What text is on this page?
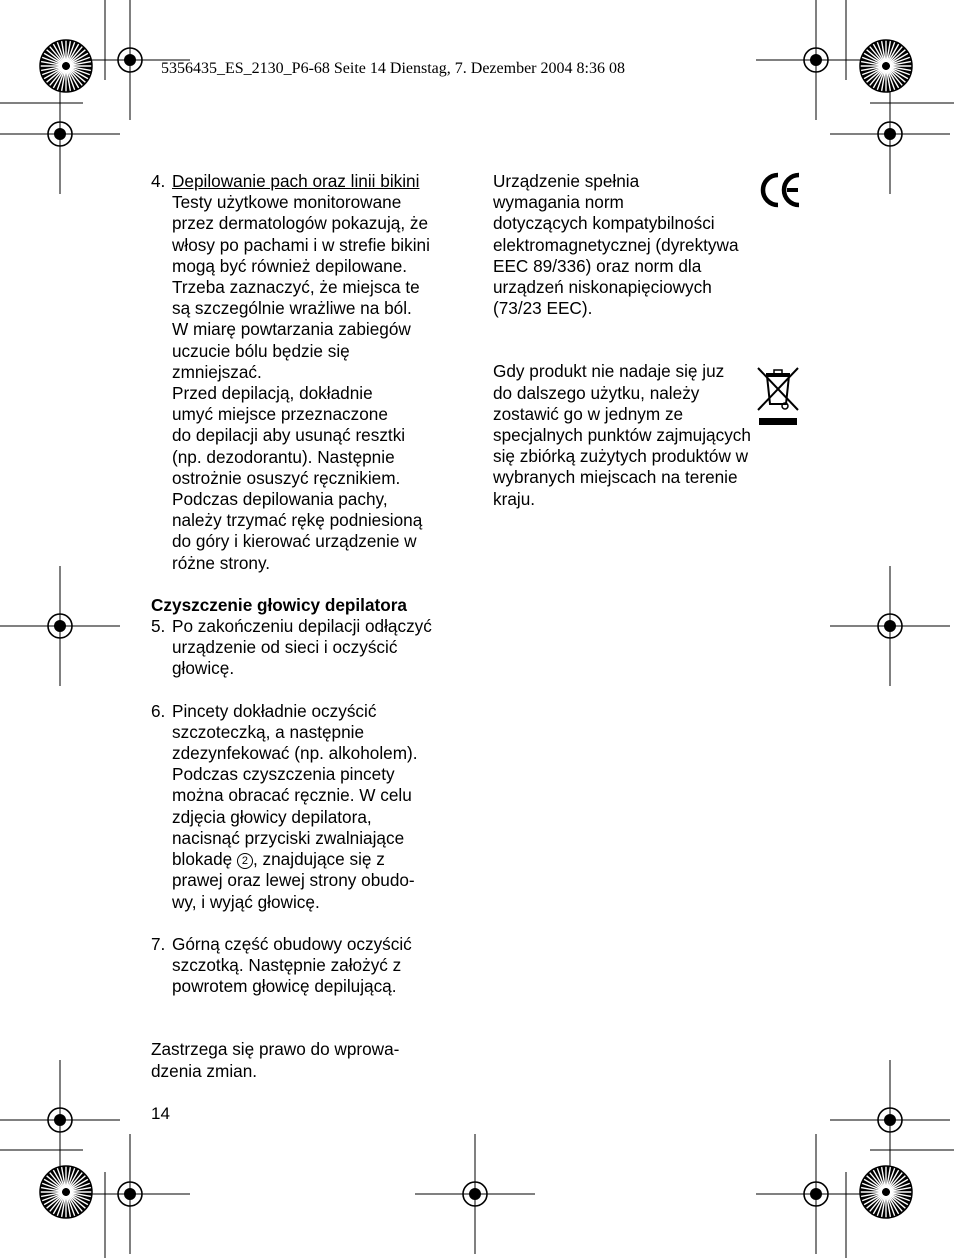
5356435_ES_2130_P6-68 Seite 14 Dienstag, 7. Dezember 2004 8:36 08
4. Depilowanie pach oraz linii bikini
Testy użytkowe monitorowane
przez dermatologów pokazują, że
włosy po pachami i w strefie bikini
mogą być również depilowane.
Trzeba zaznaczyć, że miejsca te
są szczególnie wrażliwe na ból.
W miarę powtarzania zabiegów
uczucie bólu będzie się
zmniejszać.
Przed depilacją, dokładnie
umyć miejsce przeznaczone
do depilacji aby usunąć resztki
(np. dezodorantu). Następnie
ostrożnie osuszyć ręcznikiem.
Podczas depilowania pachy,
należy trzymać rękę podniesioną
do góry i kierować urządzenie w
różne strony.
Czyszczenie głowicy depilatora
5. Po zakończeniu depilacji odłączyć
urządzenie od sieci i oczyścić
głowicę.
6. Pincety dokładnie oczyścić
szczoteczką, a następnie
zdezynfekować (np. alkoholem).
Podczas czyszczenia pincety
można obracać ręcznie. W celu
zdjęcia głowicy depilatora,
nacisnąć przyciski zwalniające
blokadę 2 , znajdujące się z
prawej oraz lewej strony obudo-
wy, i wyjąć głowicę.
7. Górną część obudowy oczyścić
szczotką. Następnie założyć z
powrotem głowicę depilującą.
Zastrzega się prawo do wprowa-
dzenia zmian.
Urządzenie spełnia
wymagania norm
dotyczących kompatybilności
elektromagnetycznej (dyrektywa
EEC 89/336) oraz norm dla
urządzeń niskonapięciowych
(73/23 EEC).
Gdy produkt nie nadaje się juz
do dalszego użytku, należy
zostawić go w jednym ze
specjalnych punktów zajmujących
się zbiórką zużytych produktów w
wybranych miejscach na terenie
kraju.
14
